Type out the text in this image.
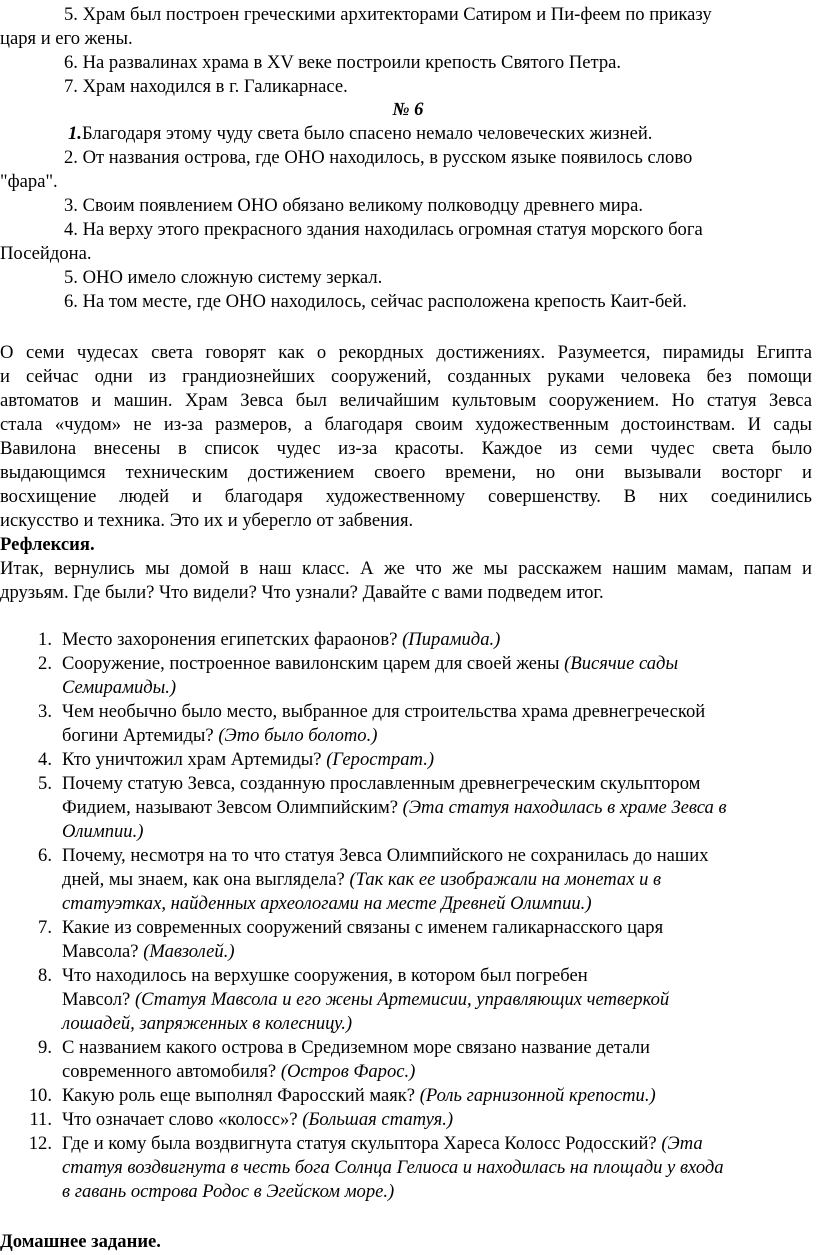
5. Храм был построен греческими архитекторами Сатиром и Пи-феем по приказу
царя и его жены.
6. На развалинах храма в XV веке построили крепость Святого Петра.
7. Храм находился в г. Галикарнасе.
№ 6
1.Благодаря этому чуду света было спасено немало человеческих жизней.
2. От названия острова, где ОНО находилось, в русском языке появилось слово
"фара".
3. Своим появлением ОНО обязано великому полководцу древнего мира.
4. На верху этого прекрасного здания находилась огромная статуя морского бога
Посейдона.
5. ОНО имело сложную систему зеркал.
6. На том месте, где ОНО находилось, сейчас расположена крепость Каит-бей.
О семи чудесах света говорят как о рекордных достижениях. Разумеется, пирамиды Египта
и сейчас одни из грандиознейших сооружений, созданных руками человека без помощи
автоматов и машин. Храм Зевса был величайшим культовым сооружением. Но статуя Зевса
стала «чудом» не из-за размеров, а благодаря своим художественным достоинствам. И сады
Вавилона внесены в список чудес из-за красоты. Каждое из семи чудес света было
выдающимся техническим достижением своего времени, но они вызывали восторг и
восхищение людей и благодаря художественному совершенству. В них соединились
искусство и техника. Это их и уберегло от забвения.
Рефлексия.
Итак, вернулись мы домой в наш класс. А же что же мы расскажем нашим мамам, папам и
друзьям. Где были? Что видели? Что узнали? Давайте с вами подведем итог.
1. Место захоронения египетских фараонов? (Пирамида.)
2. Сооружение, построенное вавилонским царем для своей жены (Висячие сады
Семирамиды.)
3. Чем необычно было место, выбранное для строительства храма древнегреческой
богини Артемиды? (Это было болото.)
4. Кто уничтожил храм Артемиды? (Герострат.)
5. Почему статую Зевса, созданную прославленным древнегреческим скульптором
Фидием, называют Зевсом Олимпийским? (Эта статуя находилась в храме Зевса в
Олимпии.)
6. Почему, несмотря на то что статуя Зевса Олимпийского не сохранилась до наших
дней, мы знаем, как она выглядела? (Так как ее изображали на монетах и в
статуэтках, найденных археологами на месте Древней Олимпии.)
7. Какие из современных сооружений связаны с именем галикарнасского царя
Мавсола? (Мавзолей.)
8. Что находилось на верхушке сооружения, в котором был погребен
Мавсол? (Статуя Мавсола и его жены Артемисии, управляющих четверкой
лошадей, запряженных в колесницу.)
9. С названием какого острова в Средиземном море связано название детали
современного автомобиля? (Остров Фарос.)
10. Какую роль еще выполнял Фаросский маяк? (Роль гарнизонной крепости.)
11. Что означает слово «колосс»? (Большая статуя.)
12. Где и кому была воздвигнута статуя скульптора Хареса Колосс Родосский? (Эта
статуя воздвигнута в честь бога Солнца Гелиоса и находилась на площади у входа
в гавань острова Родос в Эгейском море.)
Домашнее задание.
